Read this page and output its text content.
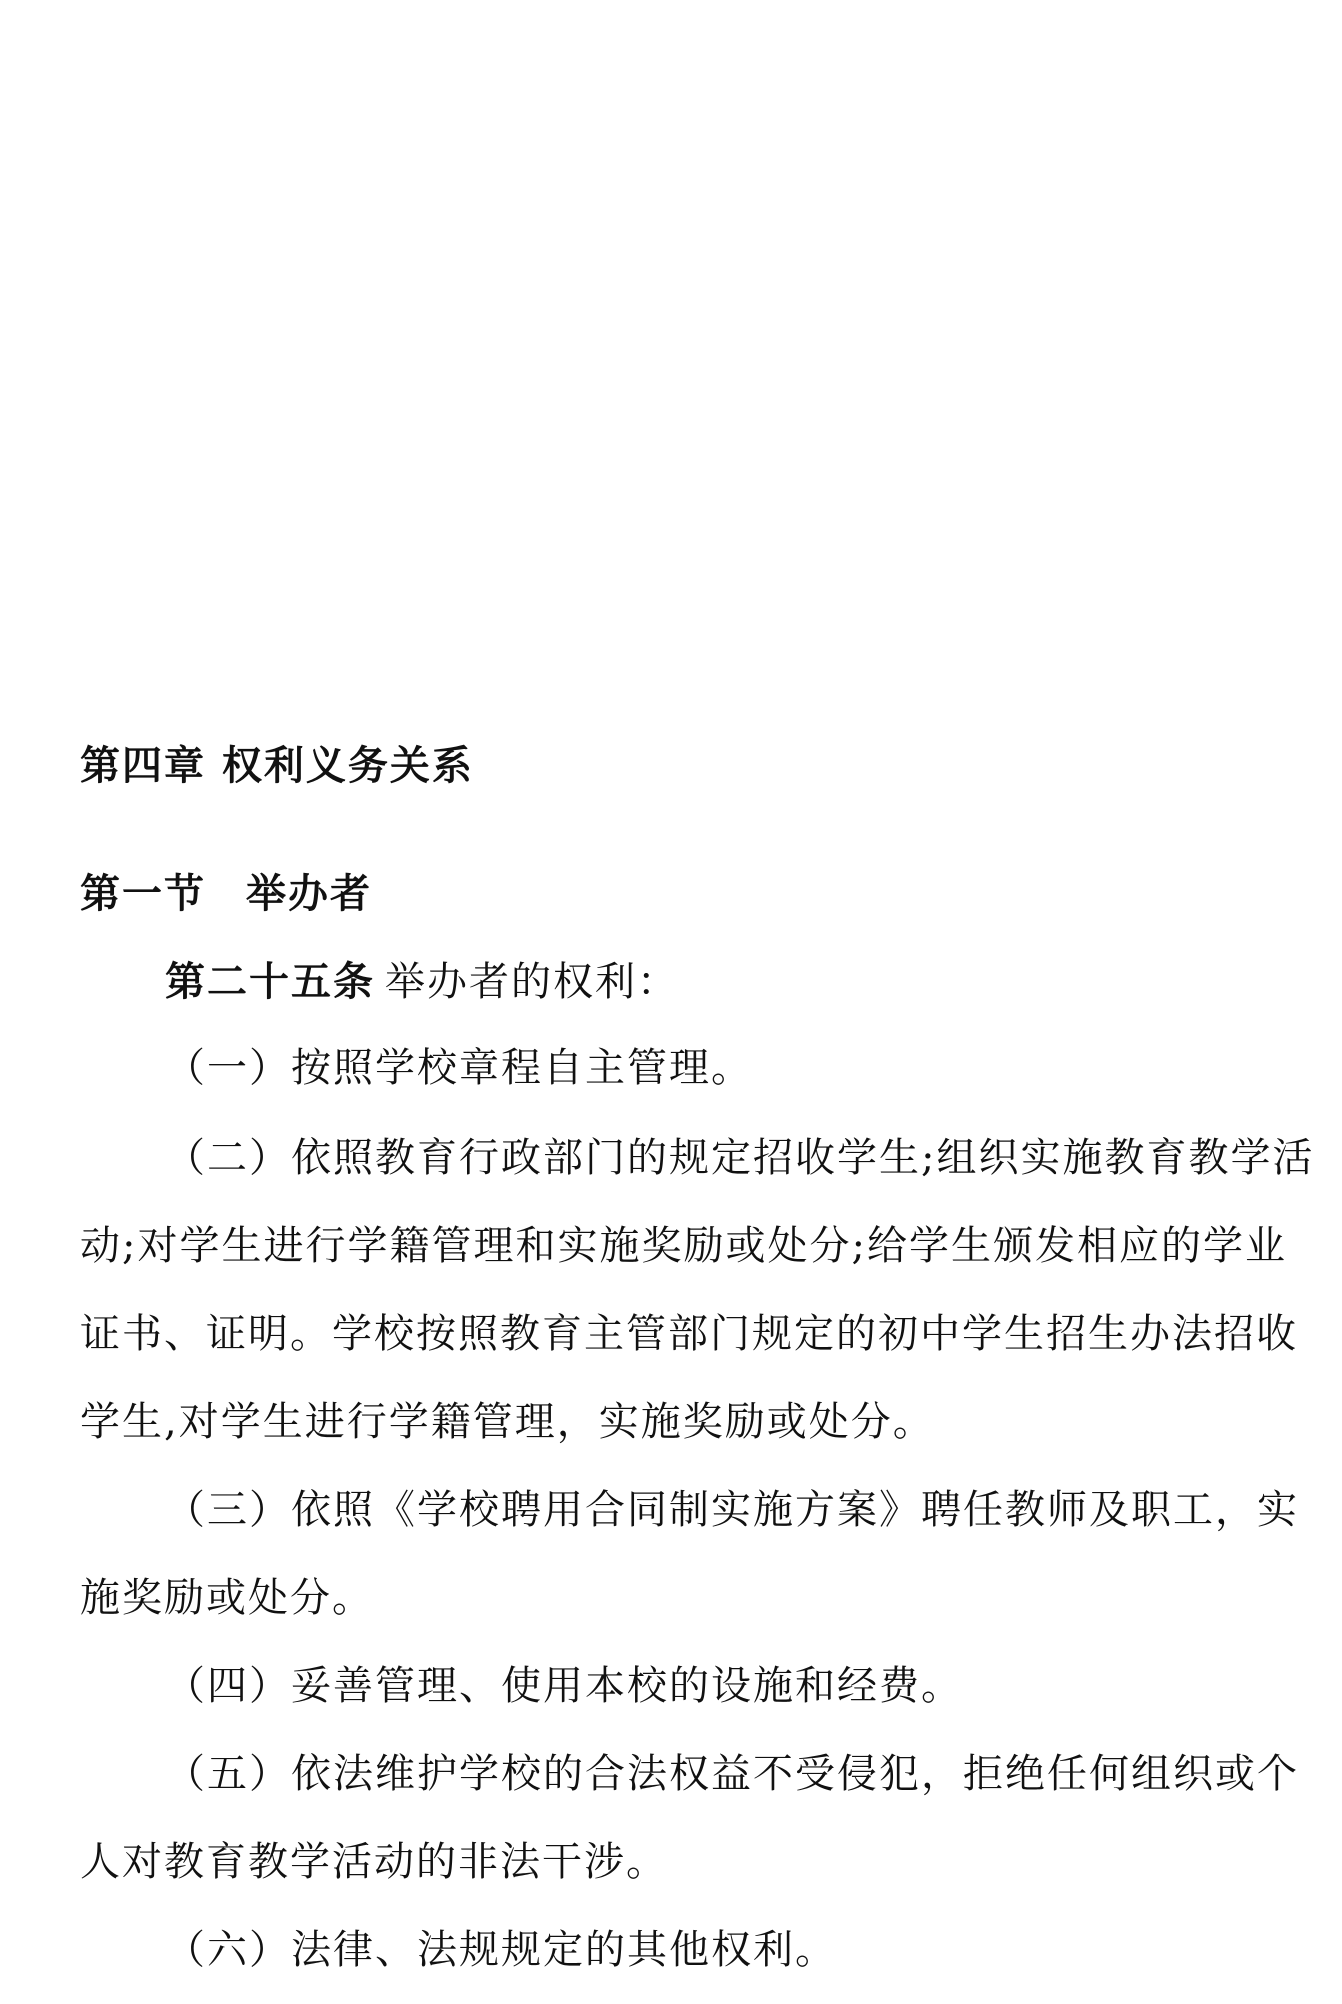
第四章 权利义务关系
第一节 举办者
第二十五条 举办者的权利：
（一）按照学校章程自主管理。
（二）依照教育行政部门的规定招收学生;组织实施教育教学活
动;对学生进行学籍管理和实施奖励或处分;给学生颁发相应的学业
证书、证明。学校按照教育主管部门规定的初中学生招生办法招收
学生,对学生进行学籍管理，实施奖励或处分。
（三）依照《学校聘用合同制实施方案》聘任教师及职工，实
施奖励或处分。
（四）妥善管理、使用本校的设施和经费。
（五）依法维护学校的合法权益不受侵犯，拒绝任何组织或个
人对教育教学活动的非法干涉。
（六）法律、法规规定的其他权利。
